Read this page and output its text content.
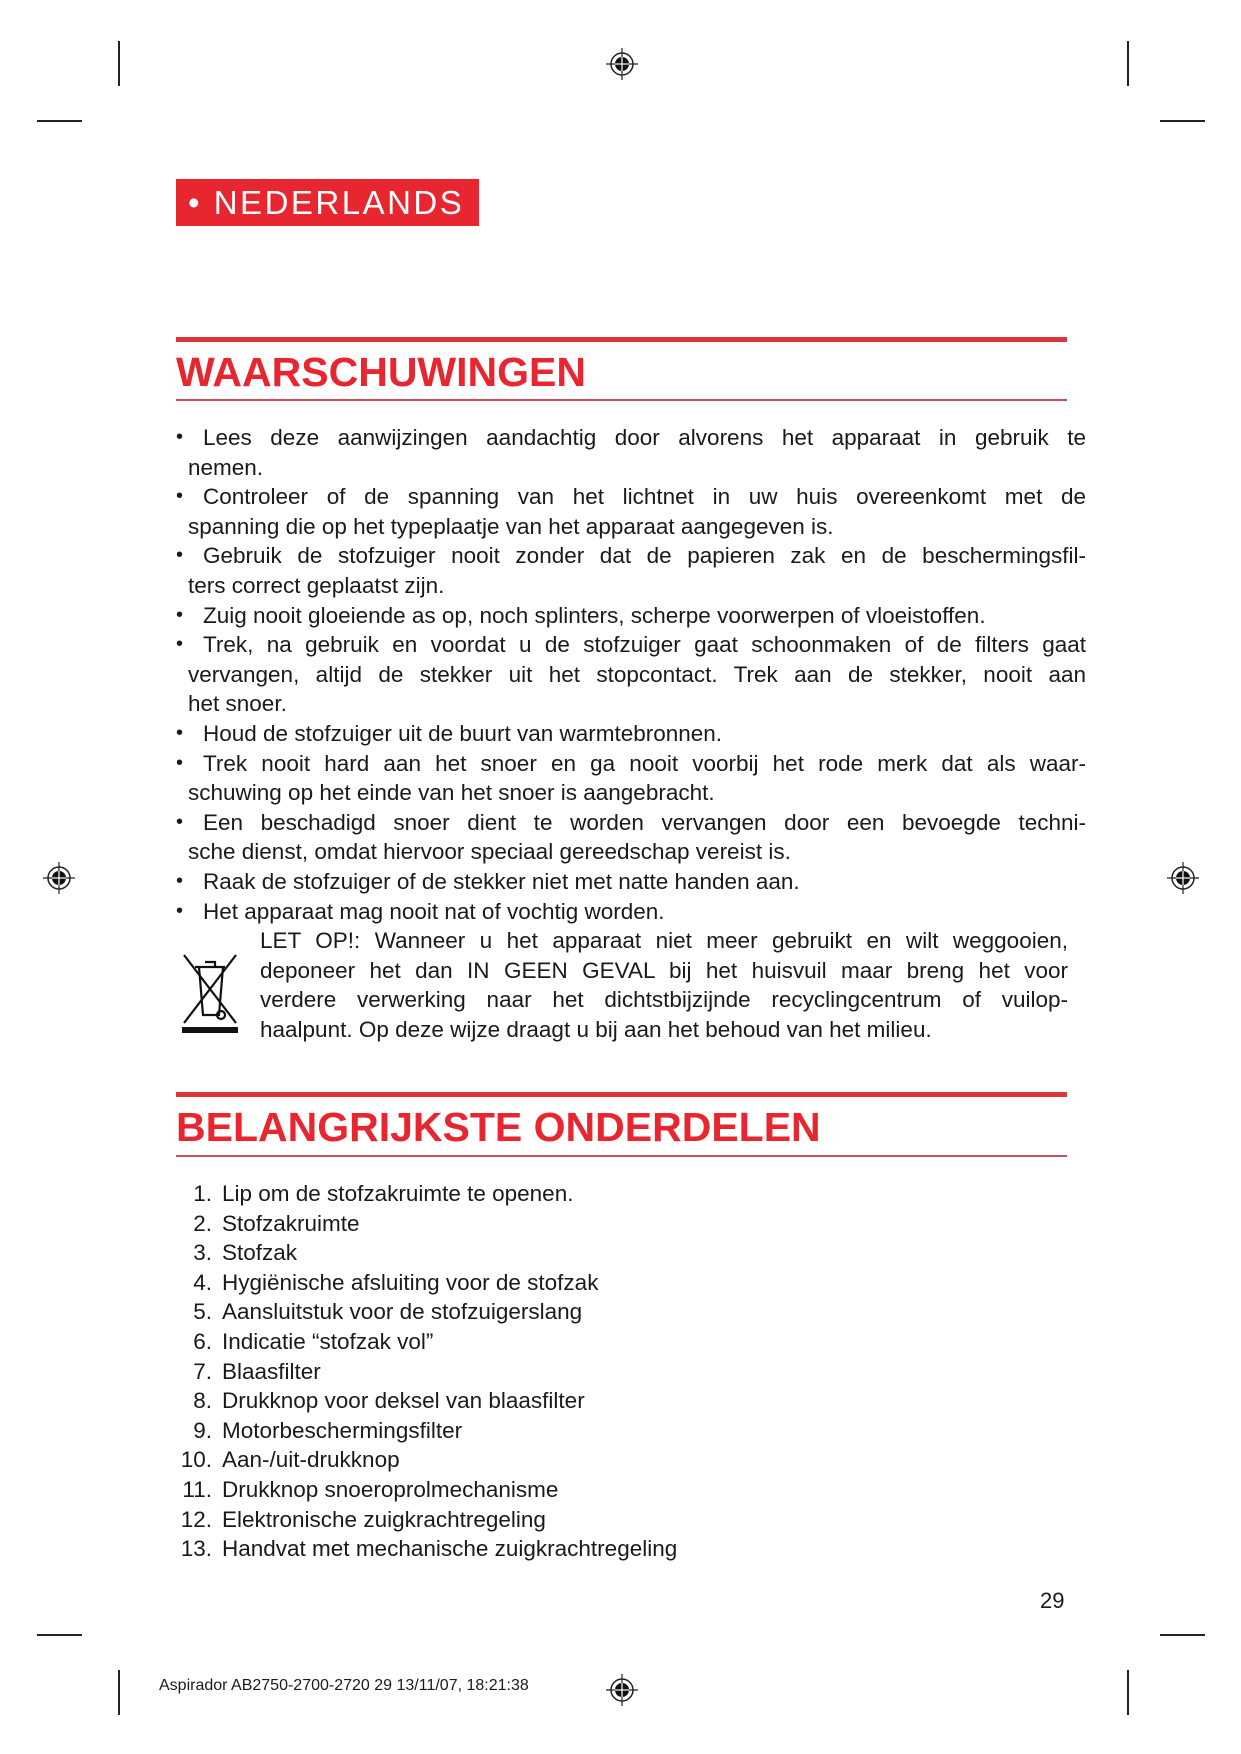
• NEDERLANDS
WAARSCHUWINGEN
• Lees deze aanwijzingen aandachtig door alvorens het apparaat in gebruik te
nemen.
• Controleer of de spanning van het lichtnet in uw huis overeenkomt met de
spanning die op het typeplaatje van het apparaat aangegeven is.
• Gebruik de stofzuiger nooit zonder dat de papieren zak en de beschermingsfil-
ters correct geplaatst zijn.
• Zuig nooit gloeiende as op, noch splinters, scherpe voorwerpen of vloeistoffen.
• Trek, na gebruik en voordat u de stofzuiger gaat schoonmaken of de filters gaat
vervangen, altijd de stekker uit het stopcontact. Trek aan de stekker, nooit aan
het snoer.
• Houd de stofzuiger uit de buurt van warmtebronnen.
• Trek nooit hard aan het snoer en ga nooit voorbij het rode merk dat als waar-
schuwing op het einde van het snoer is aangebracht.
• Een beschadigd snoer dient te worden vervangen door een bevoegde techni-
sche dienst, omdat hiervoor speciaal gereedschap vereist is.
• Raak de stofzuiger of de stekker niet met natte handen aan.
• Het apparaat mag nooit nat of vochtig worden.
LET OP!: Wanneer u het apparaat niet meer gebruikt en wilt weggooien,
deponeer het dan IN GEEN GEVAL bij het huisvuil maar breng het voor
verdere verwerking naar het dichtstbijzijnde recyclingcentrum of vuilop-
haalpunt. Op deze wijze draagt u bij aan het behoud van het milieu.
BELANGRIJKSTE ONDERDELEN
1. Lip om de stofzakruimte te openen.
2. Stofzakruimte
3. Stofzak
4. Hygiënische afsluiting voor de stofzak
5. Aansluitstuk voor de stofzuigerslang
6. Indicatie “stofzak vol”
7. Blaasfilter
8. Drukknop voor deksel van blaasfilter
9. Motorbeschermingsfilter
10. Aan-/uit-drukknop
11. Drukknop snoeroprolmechanisme
12. Elektronische zuigkrachtregeling
13. Handvat met mechanische zuigkrachtregeling
29
Aspirador AB2750-2700-2720 29 13/11/07, 18:21:38
